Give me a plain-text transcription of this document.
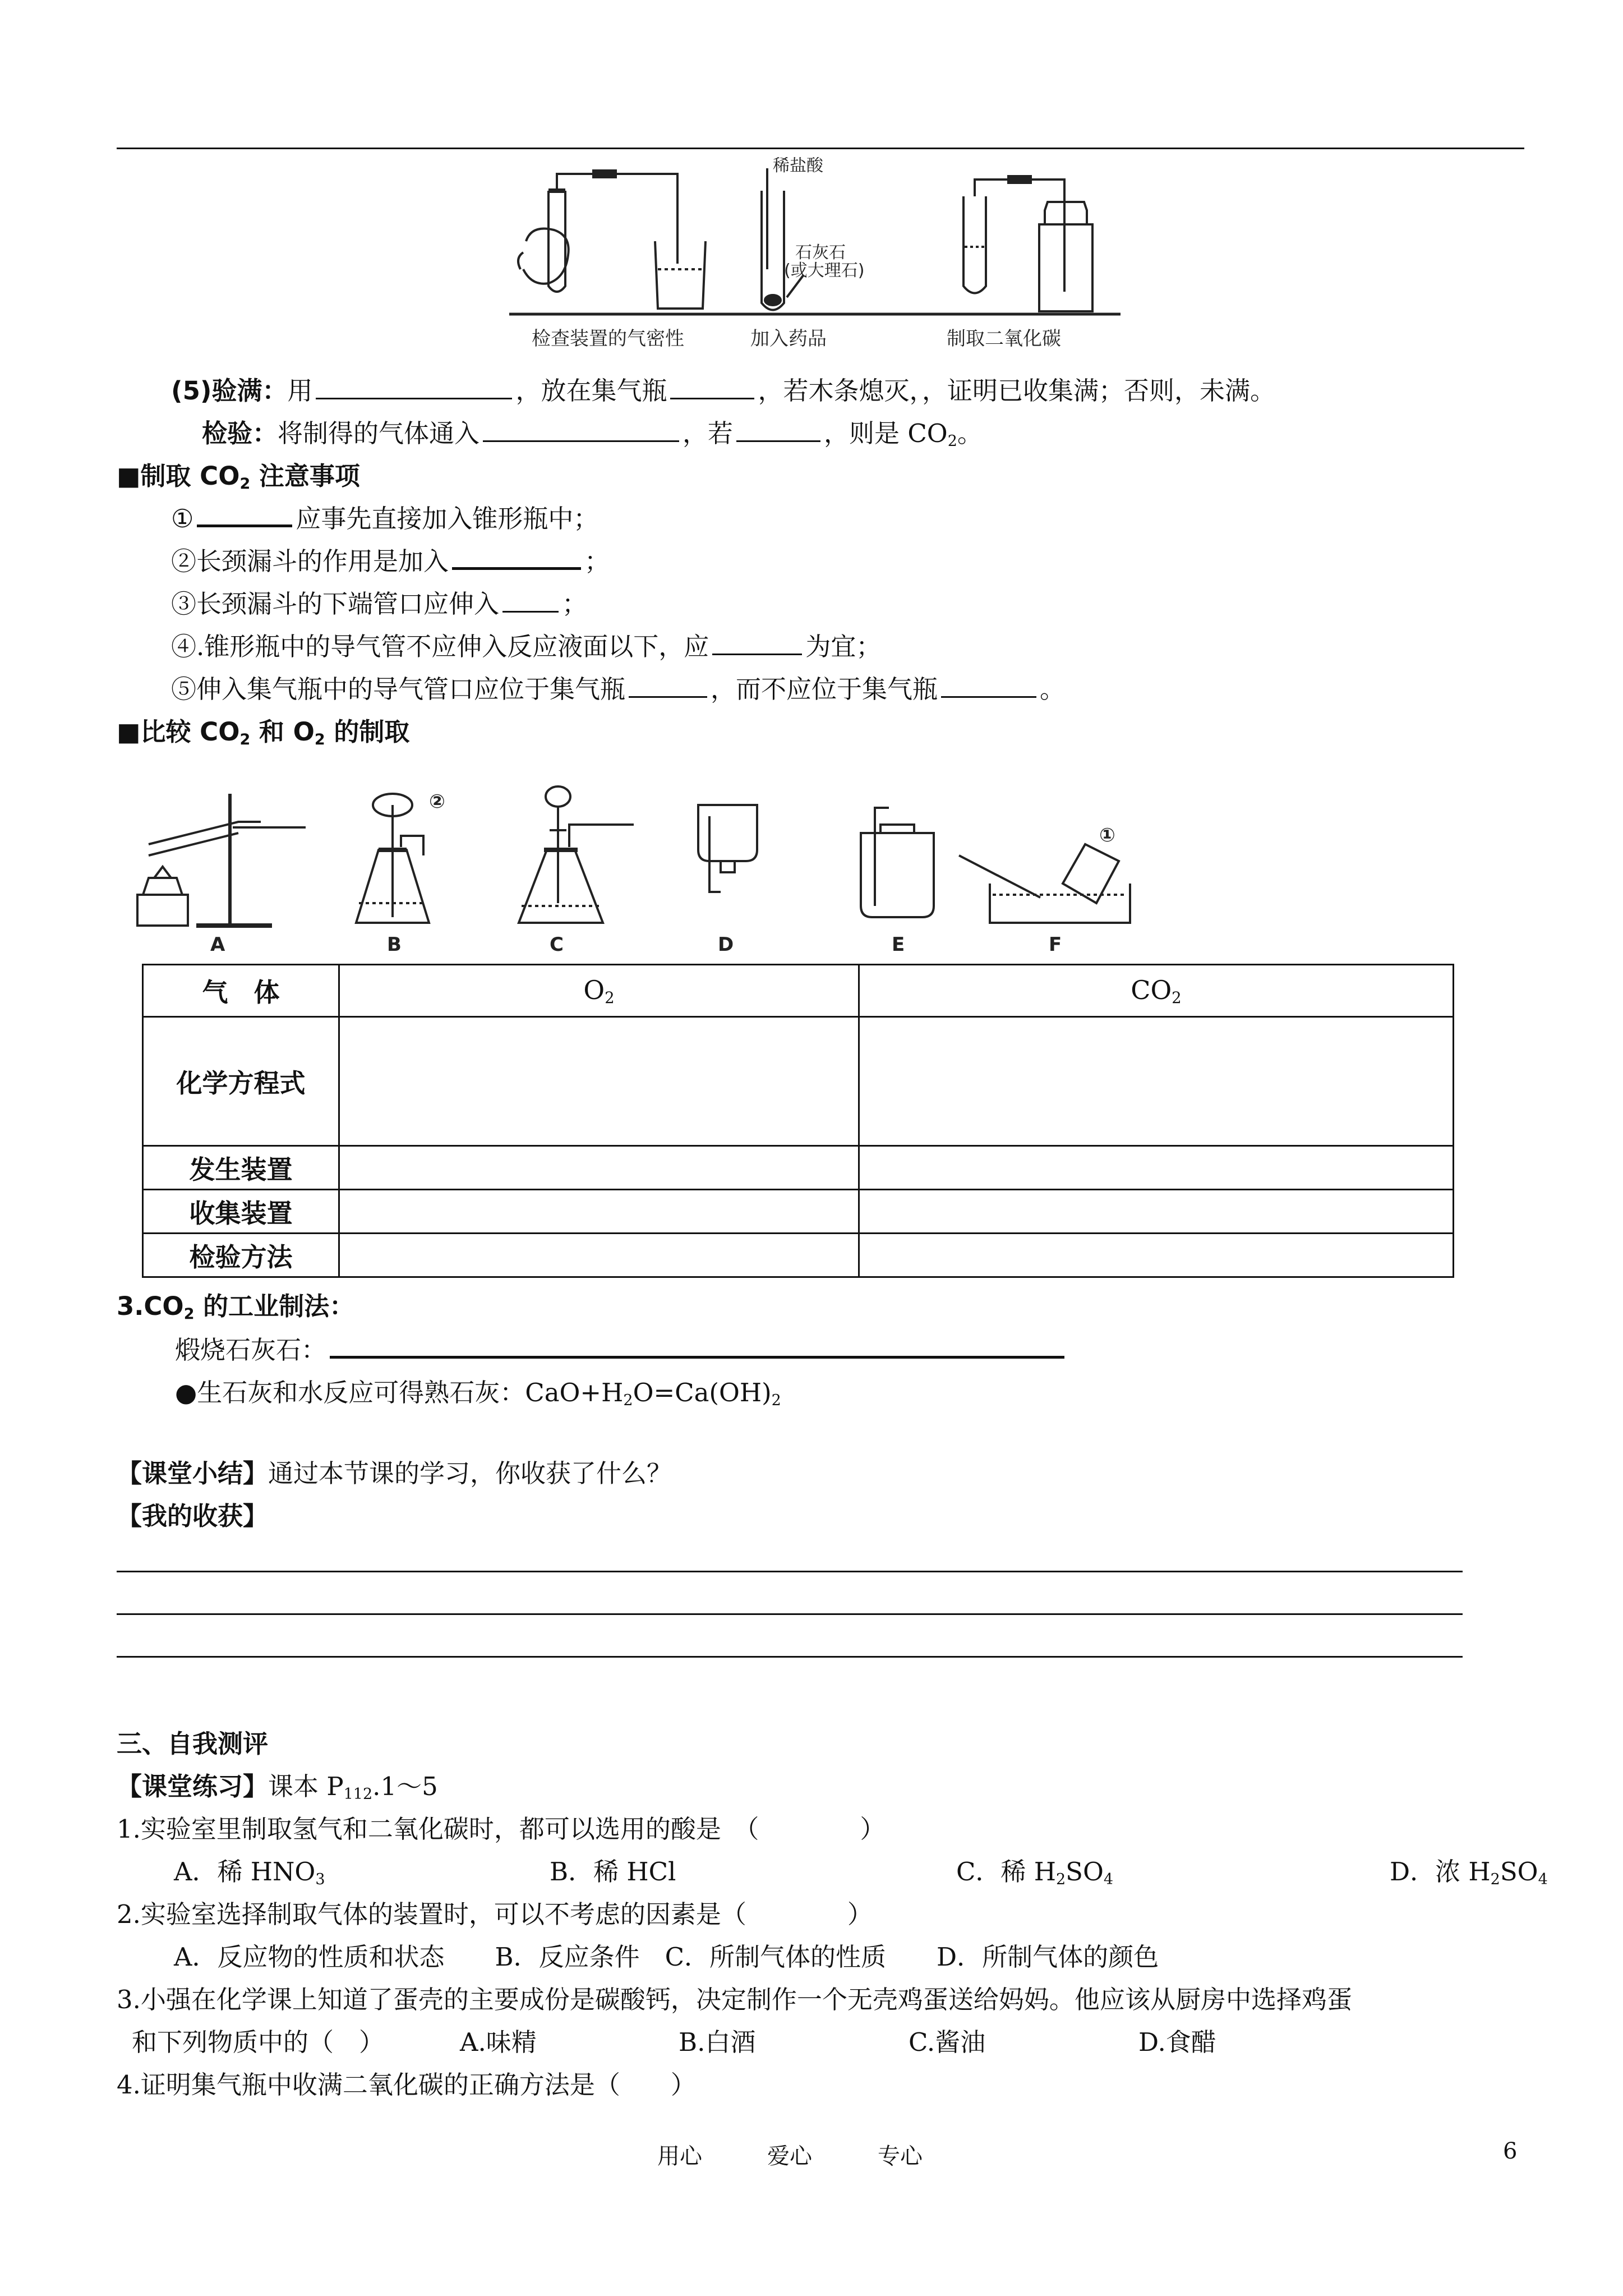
稀盐酸
石灰石
(或大理石)
检查装置的气密性	加入药品	制取二氧化碳
(5)验满：用	，放在集气瓶	，若木条熄灭，，证明已收集满；否则，未满。
检验：将制得的气体通入	，若	，则是 $CO_2$。
■制取 $CO_2$ 注意事项
①	应事先直接加入锥形瓶中；
②长颈漏斗的作用是加入	；
③长颈漏斗的下端管口应伸入 ；
④.锥形瓶中的导气管不应伸入反应液面以下，应	为宜；
⑤伸入集气瓶中的导气管口应位于集气瓶	，而不应位于集气瓶	。
■比较 $CO_2$ 和 $O_2$ 的制取
A	B	C	D	E	F
②
①
气　体	$O_2$	$CO_2$
化学方程式		
发生装置		
收集装置		
检验方法		
$3.CO_2$ 的工业制法：
煅烧石灰石：
●生石灰和水反应可得熟石灰：$CaO+H_2O=Ca(OH)_2$
【课堂小结】通过本节课的学习，你收获了什么？
【我的收获】
三、自我测评
【课堂练习】课本 $P_{112}.1\sim 5$
1.实验室里制取氢气和二氧化碳时，都可以选用的酸是　（　　　　）
A．稀 $HNO_3$	B．稀 HCl	C．稀 $H_2SO_4$	D．浓 $H_2SO_4$
2.实验室选择制取气体的装置时，可以不考虑的因素是（　　　　）
A．反应物的性质和状态　　B．反应条件　C．所制气体的性质　　D．所制气体的颜色
3.小强在化学课上知道了蛋壳的主要成份是碳酸钙，决定制作一个无壳鸡蛋送给妈妈。他应该从厨房中选择鸡蛋
和下列物质中的（　）	A.味精	B.白酒	C.酱油	D.食醋
4.证明集气瓶中收满二氧化碳的正确方法是（　　）
用心	爱心	专心	6
